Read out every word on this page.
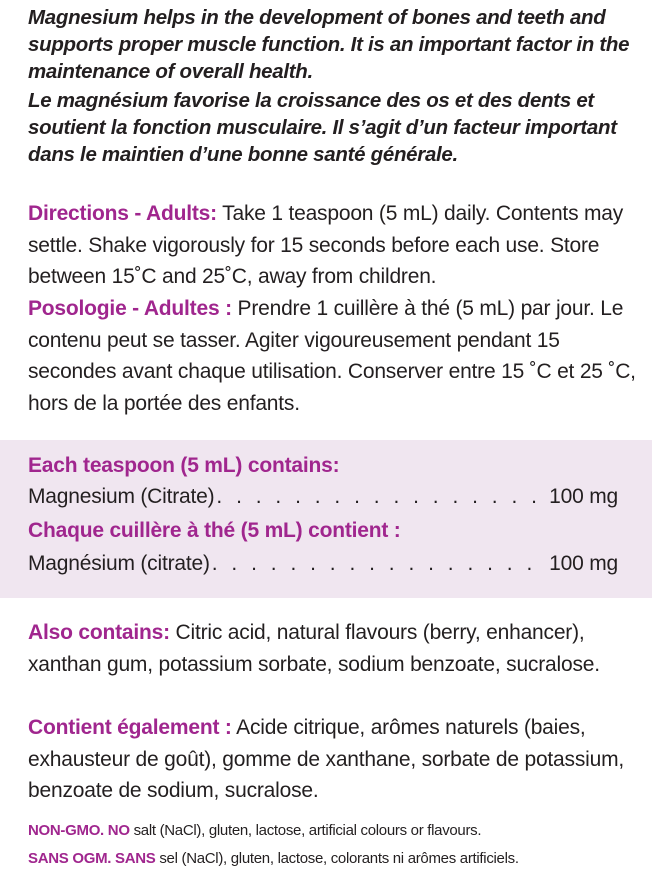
Magnesium helps in the development of bones and teeth and supports proper muscle function. It is an important factor in the maintenance of overall health.

Le magnésium favorise la croissance des os et des dents et soutient la fonction musculaire. Il s’agit d’un facteur important dans le maintien d’une bonne santé générale.

Directions - Adults: Take 1 teaspoon (5 mL) daily. Contents may settle. Shake vigorously for 15 seconds before each use. Store between 15˚C and 25˚C, away from children.

Posologie - Adultes : Prendre 1 cuillère à thé (5 mL) par jour. Le contenu peut se tasser. Agiter vigoureusement pendant 15 secondes avant chaque utilisation. Conserver entre 15 ˚C et 25 ˚C, hors de la portée des enfants.

Each teaspoon (5 mL) contains:
Magnesium (Citrate) . . .	100 mg
Chaque cuillère à thé (5 mL) contient :
Magnésium (citrate) . . .	100 mg

Also contains: Citric acid, natural flavours (berry, enhancer), xanthan gum, potassium sorbate, sodium benzoate, sucralose.

Contient également : Acide citrique, arômes naturels (baies, exhausteur de goût), gomme de xanthane, sorbate de potassium, benzoate de sodium, sucralose.

NON-GMO. NO salt (NaCl), gluten, lactose, artificial colours or flavours.
SANS OGM. SANS sel (NaCl), gluten, lactose, colorants ni arômes artificiels.
